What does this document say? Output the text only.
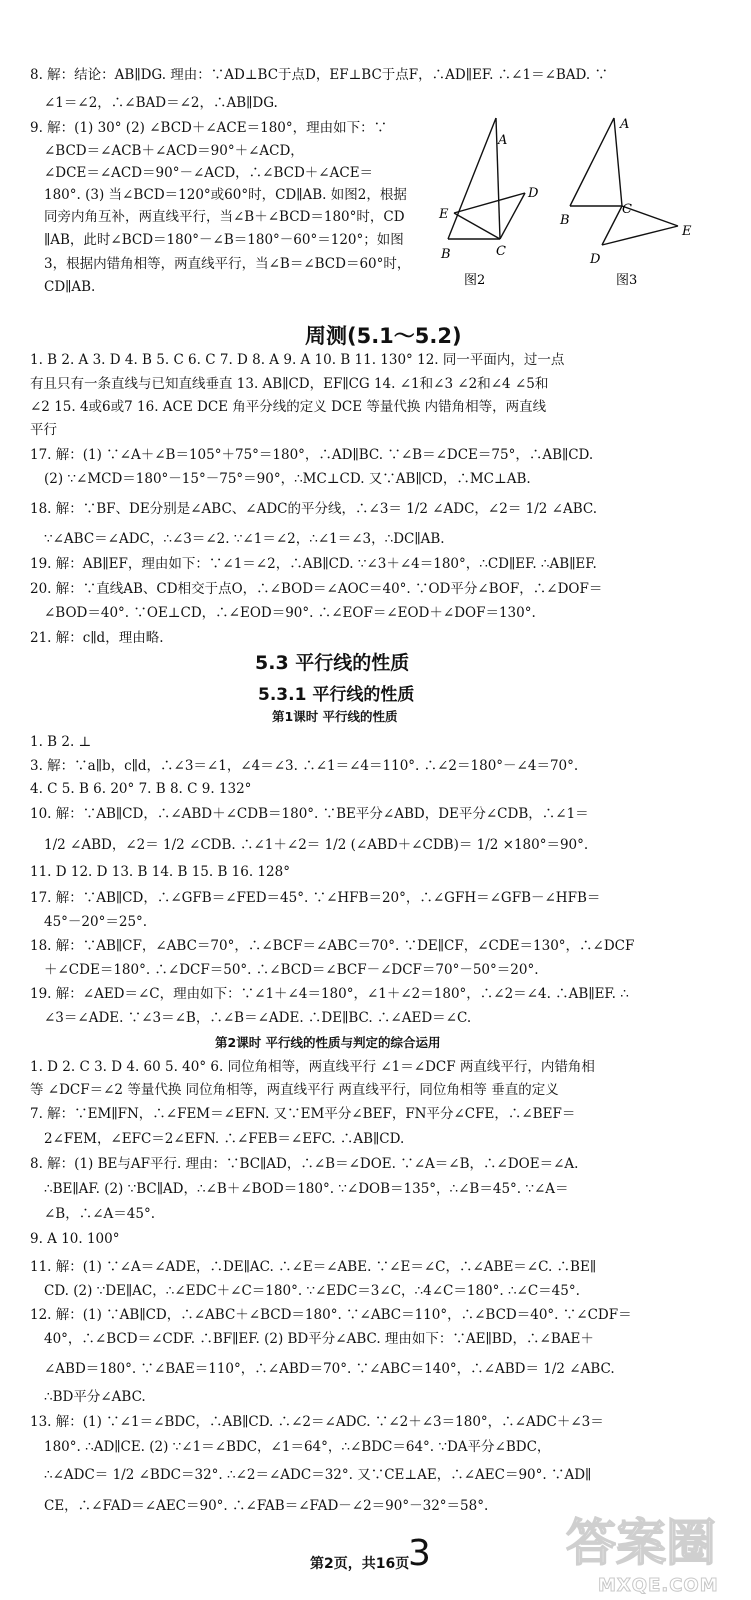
8. 解：结论：AB∥DG. 理由：∵AD⊥BC于点D，EF⊥BC于点F，∴AD∥EF. ∴∠1＝∠BAD. ∵
∠1＝∠2，∴∠BAD＝∠2，∴AB∥DG.
9. 解：(1) 30° (2) ∠BCD＋∠ACE＝180°，理由如下：∵
∠BCD＝∠ACB＋∠ACD＝90°＋∠ACD，
∠DCE＝∠ACD＝90°－∠ACD，∴∠BCD＋∠ACE＝
180°. (3) 当∠BCD＝120°或60°时，CD∥AB. 如图2，根据
同旁内角互补，两直线平行，当∠B＋∠BCD＝180°时，CD
∥AB，此时∠BCD＝180°－∠B＝180°－60°＝120°；如图
3，根据内错角相等，两直线平行，当∠B＝∠BCD＝60°时，
CD∥AB.
A
D
E
B	C
图2
A
B
C
D
E
图3
周测(5.1～5.2)
1. B 2. A 3. D 4. B 5. C 6. C 7. D 8. A 9. A 10. B 11. 130° 12. 同一平面内，过一点
有且只有一条直线与已知直线垂直 13. AB∥CD，EF∥CG 14. ∠1和∠3 ∠2和∠4 ∠5和
∠2 15. 4或6或7 16. ACE DCE 角平分线的定义 DCE 等量代换 内错角相等，两直线
平行
17. 解：(1) ∵∠A＋∠B＝105°＋75°＝180°，∴AD∥BC. ∵∠B＝∠DCE＝75°，∴AB∥CD.
(2) ∵∠MCD＝180°－15°－75°＝90°，∴MC⊥CD. 又∵AB∥CD，∴MC⊥AB.
18. 解：∵BF、DE分别是∠ABC、∠ADC的平分线，∴∠3＝ 1/2 ∠ADC，∠2＝ 1/2 ∠ABC.
∵∠ABC＝∠ADC，∴∠3＝∠2. ∵∠1＝∠2，∴∠1＝∠3，∴DC∥AB.
19. 解：AB∥EF，理由如下：∵∠1＝∠2，∴AB∥CD. ∵∠3＋∠4＝180°，∴CD∥EF. ∴AB∥EF.
20. 解：∵直线AB、CD相交于点O，∴∠BOD＝∠AOC＝40°. ∵OD平分∠BOF，∴∠DOF＝
∠BOD＝40°. ∵OE⊥CD，∴∠EOD＝90°. ∴∠EOF＝∠EOD＋∠DOF＝130°.
21. 解：c∥d，理由略.
5.3 平行线的性质
5.3.1 平行线的性质
第1课时 平行线的性质
1. B 2. ⊥
3. 解：∵a∥b，c∥d，∴∠3＝∠1，∠4＝∠3. ∴∠1＝∠4＝110°. ∴∠2＝180°－∠4＝70°.
4. C 5. B 6. 20° 7. B 8. C 9. 132°
10. 解：∵AB∥CD，∴∠ABD＋∠CDB＝180°. ∵BE平分∠ABD，DE平分∠CDB，∴∠1＝
1/2 ∠ABD，∠2＝ 1/2 ∠CDB. ∴∠1＋∠2＝ 1/2 (∠ABD＋∠CDB)＝ 1/2 ×180°＝90°.
11. D 12. D 13. B 14. B 15. B 16. 128°
17. 解：∵AB∥CD，∴∠GFB＝∠FED＝45°. ∵∠HFB＝20°，∴∠GFH＝∠GFB－∠HFB＝
45°－20°＝25°.
18. 解：∵AB∥CF，∠ABC＝70°，∴∠BCF＝∠ABC＝70°. ∵DE∥CF，∠CDE＝130°，∴∠DCF
＋∠CDE＝180°. ∴∠DCF＝50°. ∴∠BCD＝∠BCF－∠DCF＝70°－50°＝20°.
19. 解：∠AED＝∠C，理由如下：∵∠1＋∠4＝180°，∠1＋∠2＝180°，∴∠2＝∠4. ∴AB∥EF. ∴
∠3＝∠ADE. ∵∠3＝∠B，∴∠B＝∠ADE. ∴DE∥BC. ∴∠AED＝∠C.
第2课时 平行线的性质与判定的综合运用
1. D 2. C 3. D 4. 60 5. 40° 6. 同位角相等，两直线平行 ∠1＝∠DCF 两直线平行，内错角相
等 ∠DCF＝∠2 等量代换 同位角相等，两直线平行 两直线平行，同位角相等 垂直的定义
7. 解：∵EM∥FN，∴∠FEM＝∠EFN. 又∵EM平分∠BEF，FN平分∠CFE，∴∠BEF＝
2∠FEM，∠EFC＝2∠EFN. ∴∠FEB＝∠EFC. ∴AB∥CD.
8. 解：(1) BE与AF平行. 理由：∵BC∥AD，∴∠B＝∠DOE. ∵∠A＝∠B，∴∠DOE＝∠A.
∴BE∥AF. (2) ∵BC∥AD，∴∠B＋∠BOD＝180°. ∵∠DOB＝135°，∴∠B＝45°. ∵∠A＝
∠B，∴∠A＝45°.
9. A 10. 100°
11. 解：(1) ∵∠A＝∠ADE，∴DE∥AC. ∴∠E＝∠ABE. ∵∠E＝∠C，∴∠ABE＝∠C. ∴BE∥
CD. (2) ∵DE∥AC，∴∠EDC＋∠C＝180°. ∵∠EDC＝3∠C，∴4∠C＝180°. ∴∠C＝45°.
12. 解：(1) ∵AB∥CD，∴∠ABC＋∠BCD＝180°. ∵∠ABC＝110°，∴∠BCD＝40°. ∵∠CDF＝
40°，∴∠BCD＝∠CDF. ∴BF∥EF. (2) BD平分∠ABC. 理由如下：∵AE∥BD，∴∠BAE＋
∠ABD＝180°. ∵∠BAE＝110°，∴∠ABD＝70°. ∵∠ABC＝140°，∴∠ABD＝ 1/2 ∠ABC.
∴BD平分∠ABC.
13. 解：(1) ∵∠1＝∠BDC，∴AB∥CD. ∴∠2＝∠ADC. ∵∠2＋∠3＝180°，∴∠ADC＋∠3＝
180°. ∴AD∥CE. (2) ∵∠1＝∠BDC，∠1＝64°，∴∠BDC＝64°. ∵DA平分∠BDC，
∴∠ADC＝ 1/2 ∠BDC＝32°. ∴∠2＝∠ADC＝32°. 又∵CE⊥AE，∴∠AEC＝90°. ∵AD∥
CE，∴∠FAD＝∠AEC＝90°. ∴∠FAB＝∠FAD－∠2＝90°－32°＝58°.
第2页，共16页
3	答案圈
MXQE.COM
